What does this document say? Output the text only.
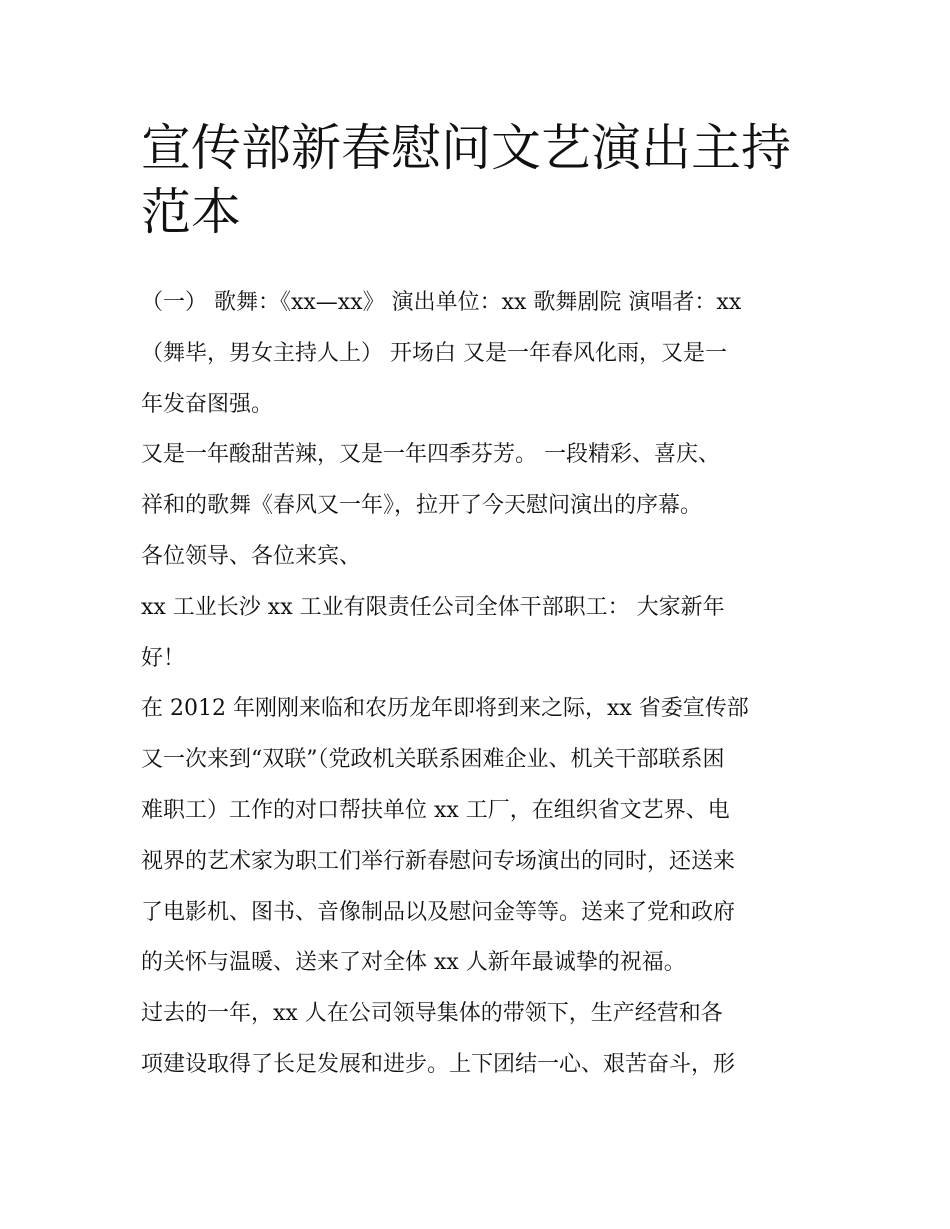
宣传部新春慰问文艺演出主持
范本
（一） 歌舞：《xx—xx》 演出单位：xx 歌舞剧院 演唱者：xx
（舞毕，男女主持人上） 开场白 又是一年春风化雨，又是一
年发奋图强。
又是一年酸甜苦辣，又是一年四季芬芳。 一段精彩、喜庆、
祥和的歌舞《春风又一年》，拉开了今天慰问演出的序幕。
各位领导、各位来宾、
xx 工业长沙 xx 工业有限责任公司全体干部职工： 大家新年
好！
在 2012 年刚刚来临和农历龙年即将到来之际，xx 省委宣传部
又一次来到“双联”（党政机关联系困难企业、机关干部联系困
难职工）工作的对口帮扶单位 xx 工厂，在组织省文艺界、电
视界的艺术家为职工们举行新春慰问专场演出的同时，还送来
了电影机、图书、音像制品以及慰问金等等。送来了党和政府
的关怀与温暖、送来了对全体 xx 人新年最诚挚的祝福。
过去的一年，xx 人在公司领导集体的带领下，生产经营和各
项建设取得了长足发展和进步。上下团结一心、艰苦奋斗，形
